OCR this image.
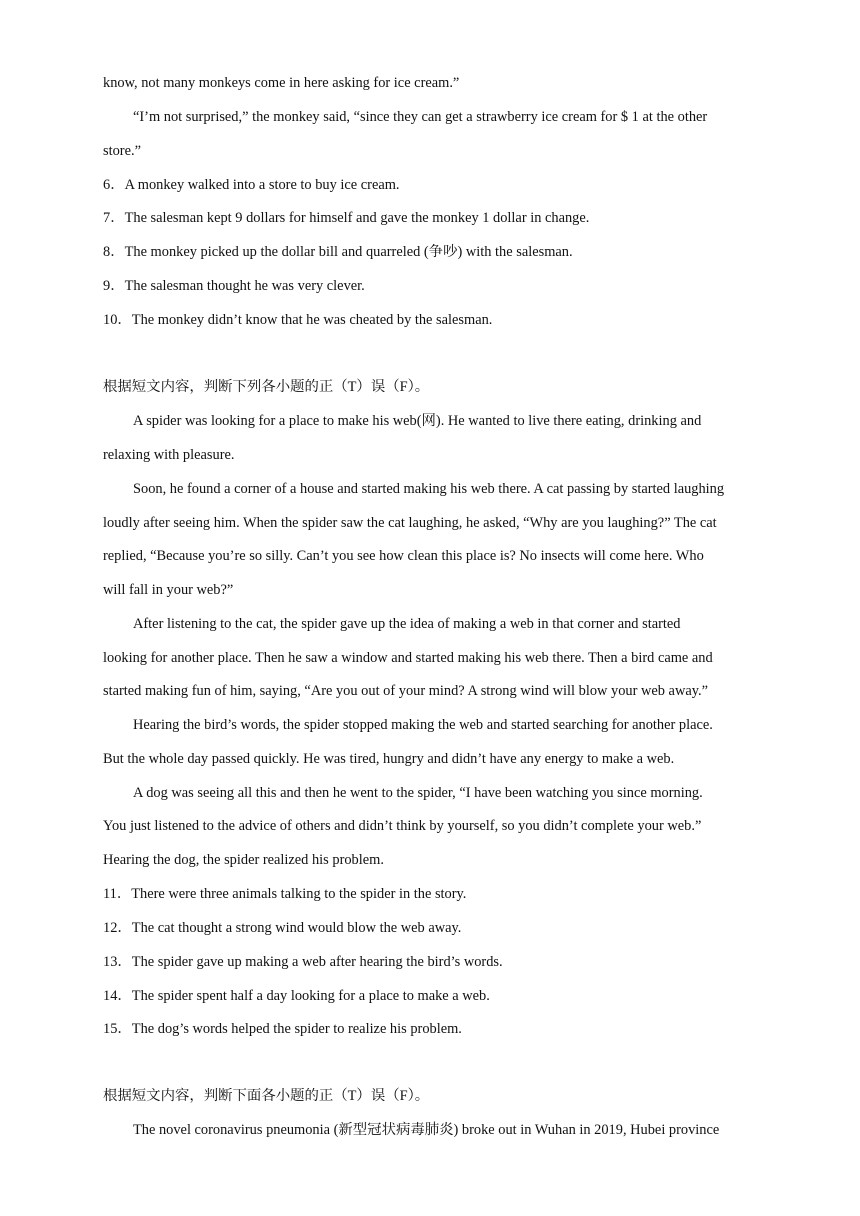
know, not many monkeys come in here asking for ice cream.”
“I’m not surprised,” the monkey said, “since they can get a strawberry ice cream for $ 1 at the other
store.”
6．A monkey walked into a store to buy ice cream.
7．The salesman kept 9 dollars for himself and gave the monkey 1 dollar in change.
8．The monkey picked up the dollar bill and quarreled (争吵) with the salesman.
9．The salesman thought he was very clever.
10．The monkey didn’t know that he was cheated by the salesman.
根据短文内容，判断下列各小题的正（T）误（F）。
A spider was looking for a place to make his web(网). He wanted to live there eating, drinking and
relaxing with pleasure.
Soon, he found a corner of a house and started making his web there. A cat passing by started laughing
loudly after seeing him. When the spider saw the cat laughing, he asked, “Why are you laughing?” The cat
replied, “Because you’re so silly. Can’t you see how clean this place is? No insects will come here. Who
will fall in your web?”
After listening to the cat, the spider gave up the idea of making a web in that corner and started
looking for another place. Then he saw a window and started making his web there. Then a bird came and
started making fun of him, saying, “Are you out of your mind? A strong wind will blow your web away.”
Hearing the bird’s words, the spider stopped making the web and started searching for another place.
But the whole day passed quickly. He was tired, hungry and didn’t have any energy to make a web.
A dog was seeing all this and then he went to the spider, “I have been watching you since morning.
You just listened to the advice of others and didn’t think by yourself, so you didn’t complete your web.”
Hearing the dog, the spider realized his problem.
11．There were three animals talking to the spider in the story.
12．The cat thought a strong wind would blow the web away.
13．The spider gave up making a web after hearing the bird’s words.
14．The spider spent half a day looking for a place to make a web.
15．The dog’s words helped the spider to realize his problem.
根据短文内容，判断下面各小题的正（T）误（F）。
The novel coronavirus pneumonia (新型冠状病毒肺炎) broke out in Wuhan in 2019, Hubei province
